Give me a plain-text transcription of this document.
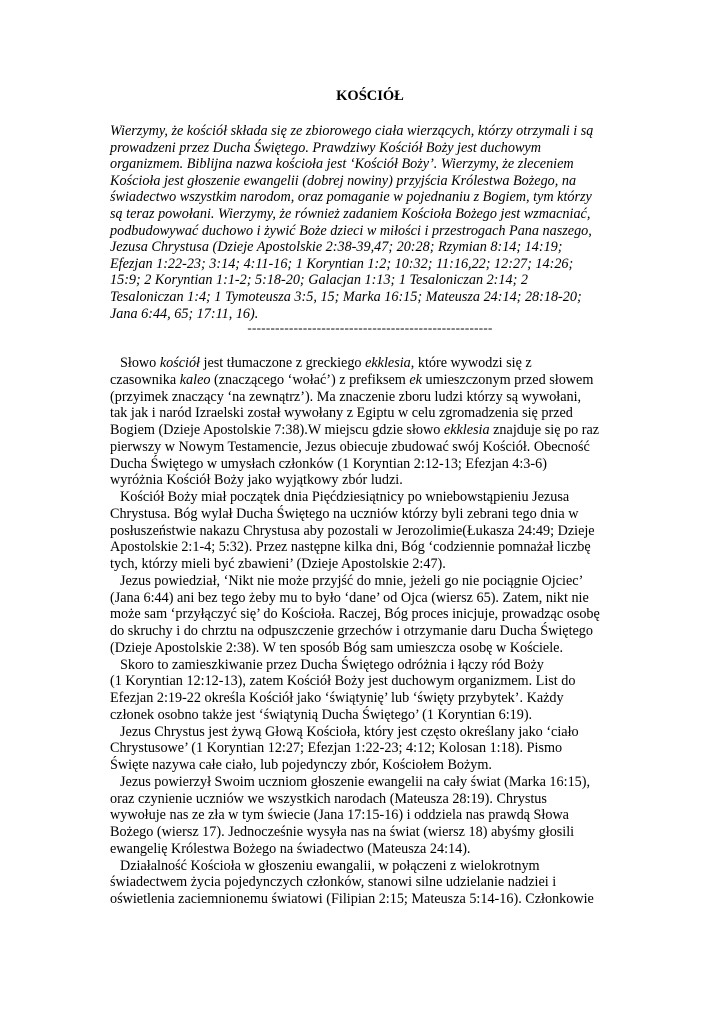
KOŚCIÓŁ
Wierzymy, że kościół składa się ze zbiorowego ciała wierzących, którzy otrzymali i są
prowadzeni przez Ducha Świętego. Prawdziwy Kościół Boży jest duchowym
organizmem. Biblijna nazwa kościoła jest ‘Kościół Boży’. Wierzymy, że zleceniem
Kościoła jest głoszenie ewangelii (dobrej nowiny) przyjścia Królestwa Bożego, na
świadectwo wszystkim narodom, oraz pomaganie w pojednaniu z Bogiem, tym którzy
są teraz powołani. Wierzymy, że również zadaniem Kościoła Bożego jest wzmacniać,
podbudowywać duchowo i żywić Boże dzieci w miłości i przestrogach Pana naszego,
Jezusa Chrystusa (Dzieje Apostolskie 2:38-39,47; 20:28; Rzymian 8:14; 14:19;
Efezjan 1:22-23; 3:14; 4:11-16; 1 Koryntian 1:2; 10:32; 11:16,22; 12:27; 14:26;
15:9; 2 Koryntian 1:1-2; 5:18-20; Galacjan 1:13; 1 Tesaloniczan 2:14; 2
Tesaloniczan 1:4; 1 Tymoteusza 3:5, 15; Marka 16:15; Mateusza 24:14; 28:18-20;
Jana 6:44, 65; 17:11, 16).
-----------------------------------------------------
Słowo kościół jest tłumaczone z greckiego ekklesia, które wywodzi się z
czasownika kaleo (znaczącego ‘wołać’) z prefiksem ek umieszczonym przed słowem
(przyimek znaczący ‘na zewnątrz’). Ma znaczenie zboru ludzi którzy są wywołani,
tak jak i naród Izraelski został wywołany z Egiptu w celu zgromadzenia się przed
Bogiem (Dzieje Apostolskie 7:38).W miejscu gdzie słowo ekklesia znajduje się po raz
pierwszy w Nowym Testamencie, Jezus obiecuje zbudować swój Kościół. Obecność
Ducha Świętego w umysłach członków (1 Koryntian 2:12-13; Efezjan 4:3-6)
wyróżnia Kościół Boży jako wyjątkowy zbór ludzi.
Kościół Boży miał początek dnia Pięćdziesiątnicy po wniebowstąpieniu Jezusa
Chrystusa. Bóg wylał Ducha Świętego na uczniów którzy byli zebrani tego dnia w
posłuszeństwie nakazu Chrystusa aby pozostali w Jerozolimie(Łukasza 24:49; Dzieje
Apostolskie 2:1-4; 5:32). Przez następne kilka dni, Bóg ‘codziennie pomnażał liczbę
tych, którzy mieli być zbawieni’ (Dzieje Apostolskie 2:47).
Jezus powiedział, ‘Nikt nie może przyjść do mnie, jeżeli go nie pociągnie Ojciec’
(Jana 6:44) ani bez tego żeby mu to było ‘dane’ od Ojca (wiersz 65). Zatem, nikt nie
może sam ‘przyłączyć się’ do Kościoła. Raczej, Bóg proces inicjuje, prowadząc osobę
do skruchy i do chrztu na odpuszczenie grzechów i otrzymanie daru Ducha Świętego
(Dzieje Apostolskie 2:38). W ten sposób Bóg sam umieszcza osobę w Kościele.
Skoro to zamieszkiwanie przez Ducha Świętego odróżnia i łączy ród Boży
(1 Koryntian 12:12-13), zatem Kościół Boży jest duchowym organizmem. List do
Efezjan 2:19-22 określa Kościół jako ‘świątynię’ lub ‘święty przybytek’. Każdy
członek osobno także jest ‘świątynią Ducha Świętego’ (1 Koryntian 6:19).
Jezus Chrystus jest żywą Głową Kościoła, który jest często określany jako ‘ciało
Chrystusowe’ (1 Koryntian 12:27; Efezjan 1:22-23; 4:12; Kolosan 1:18). Pismo
Święte nazywa całe ciało, lub pojedynczy zbór, Kościołem Bożym.
Jezus powierzył Swoim uczniom głoszenie ewangelii na cały świat (Marka 16:15),
oraz czynienie uczniów we wszystkich narodach (Mateusza 28:19). Chrystus
wywołuje nas ze zła w tym świecie (Jana 17:15-16) i oddziela nas prawdą Słowa
Bożego (wiersz 17). Jednocześnie wysyła nas na świat (wiersz 18) abyśmy głosili
ewangelię Królestwa Bożego na świadectwo (Mateusza 24:14).
Działalność Kościoła w głoszeniu ewangalii, w połączeni z wielokrotnym
świadectwem życia pojedynczych członków, stanowi silne udzielanie nadziei i
oświetlenia zaciemnionemu światowi (Filipian 2:15; Mateusza 5:14-16). Członkowie
